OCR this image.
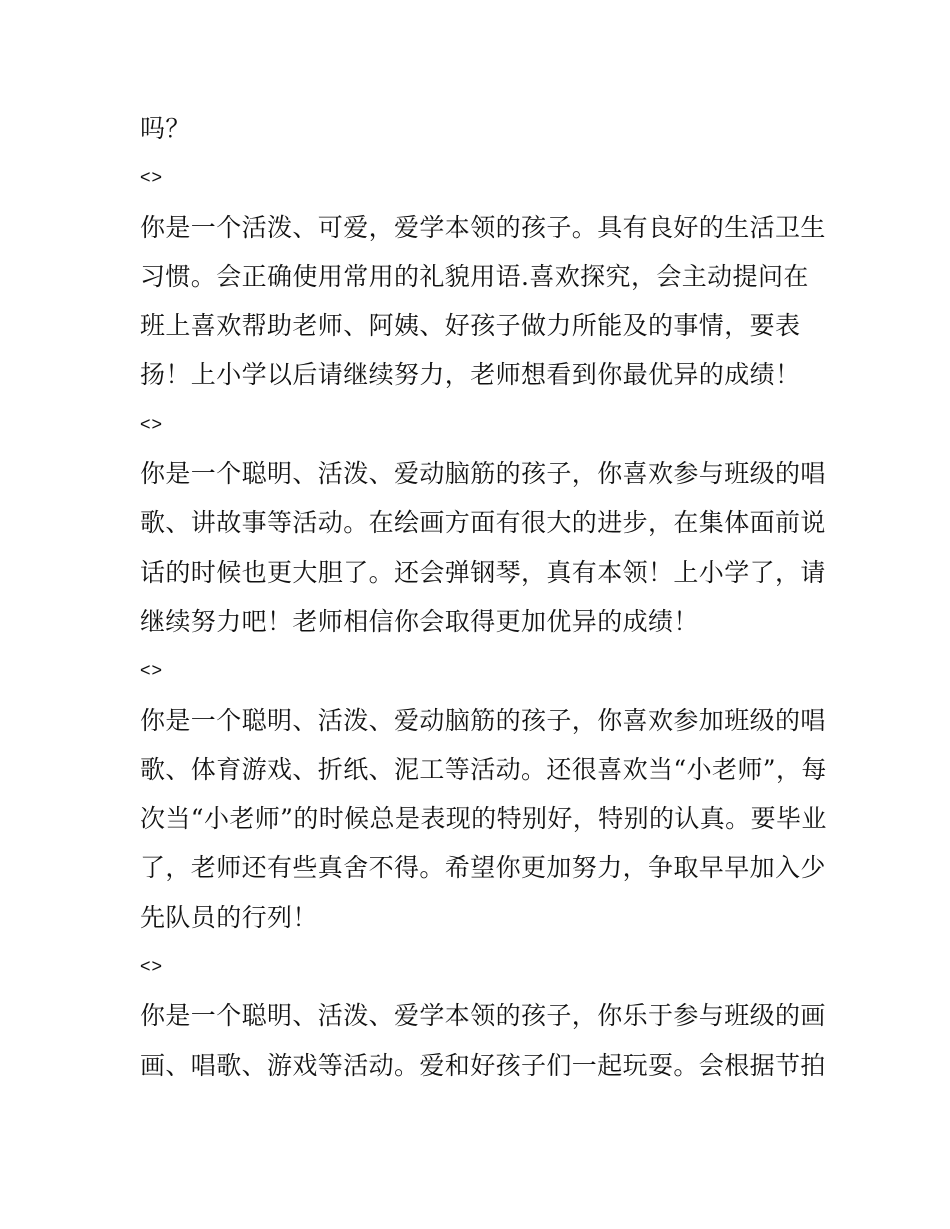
吗？
<>
你是一个活泼、可爱，爱学本领的孩子。具有良好的生活卫生
习惯。会正确使用常用的礼貌用语.喜欢探究，会主动提问在
班上喜欢帮助老师、阿姨、好孩子做力所能及的事情，要表
扬！上小学以后请继续努力，老师想看到你最优异的成绩！
<>
你是一个聪明、活泼、爱动脑筋的孩子，你喜欢参与班级的唱
歌、讲故事等活动。在绘画方面有很大的进步，在集体面前说
话的时候也更大胆了。还会弹钢琴，真有本领！上小学了，请
继续努力吧！老师相信你会取得更加优异的成绩！
<>
你是一个聪明、活泼、爱动脑筋的孩子，你喜欢参加班级的唱
歌、体育游戏、折纸、泥工等活动。还很喜欢当“小老师”，每
次当“小老师”的时候总是表现的特别好，特别的认真。要毕业
了，老师还有些真舍不得。希望你更加努力，争取早早加入少
先队员的行列！
<>
你是一个聪明、活泼、爱学本领的孩子，你乐于参与班级的画
画、唱歌、游戏等活动。爱和好孩子们一起玩耍。会根据节拍
